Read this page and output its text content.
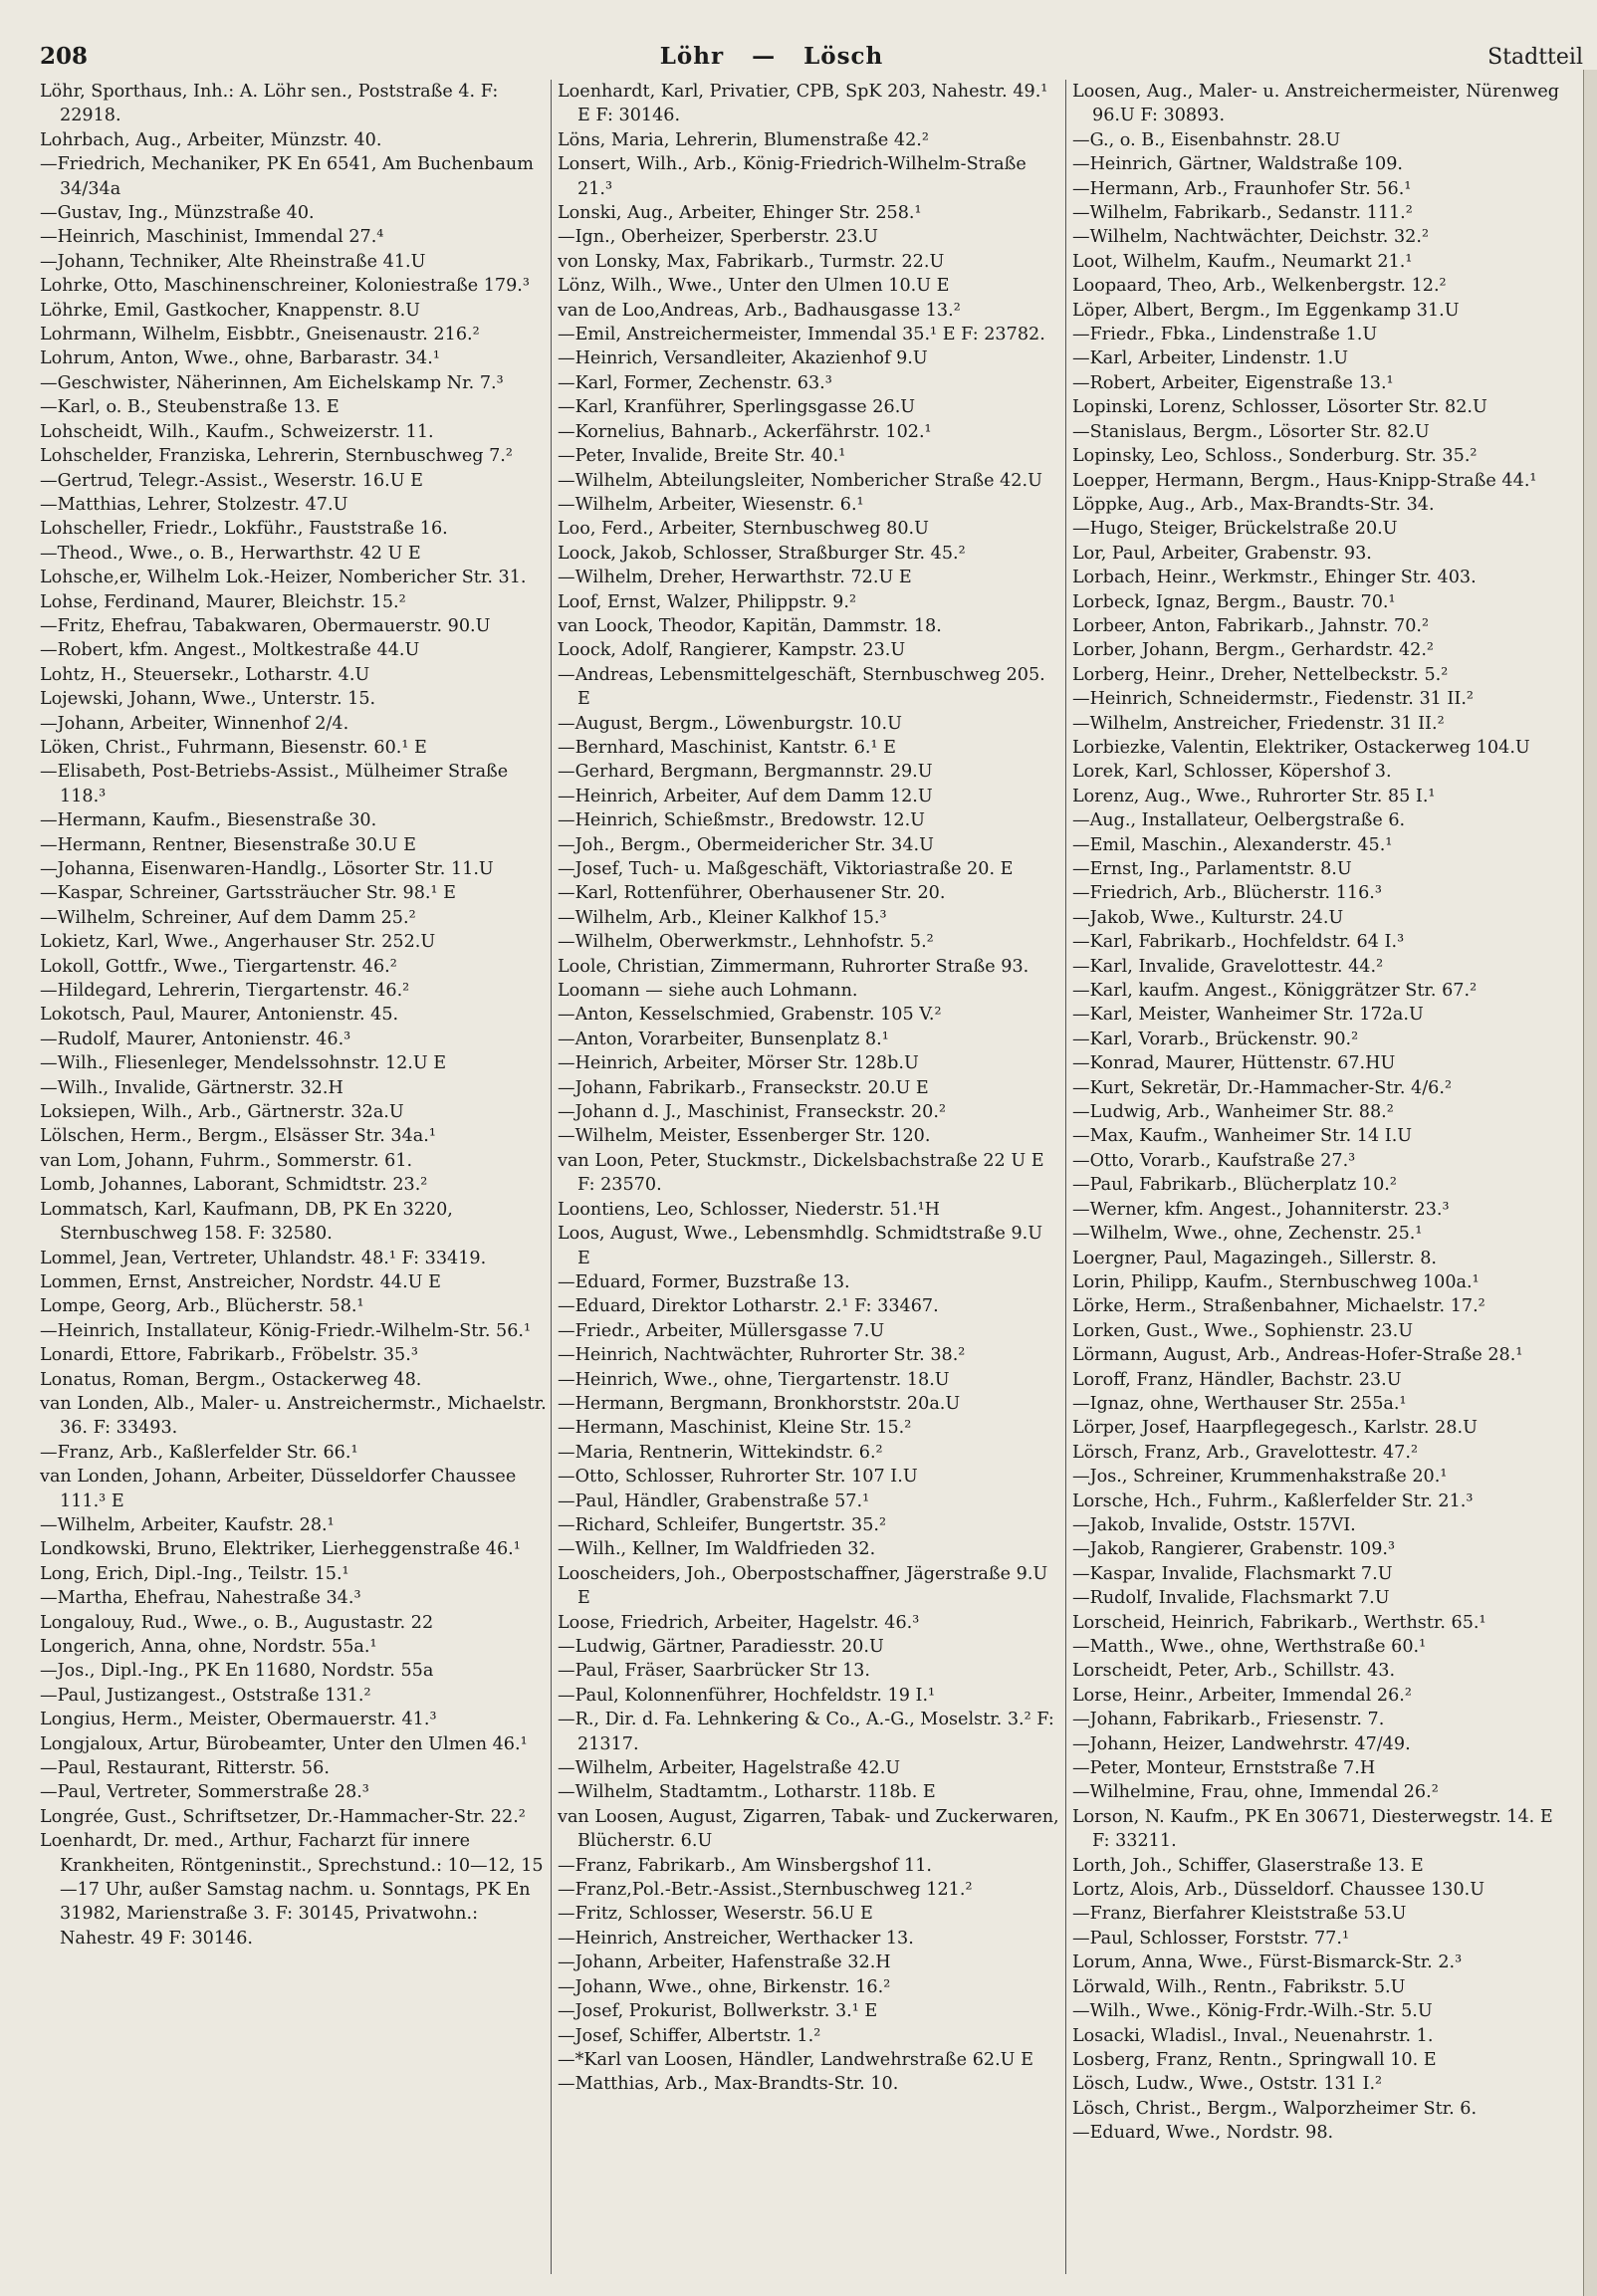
208	Löhr — Lösch	Stadtteil
Löhr, Sporthaus, Inh.: A. Löhr sen., Poststraße 4. F: 22918.
Lohrbach, Aug., Arbeiter, Münzstr. 40.
—Friedrich, Mechaniker, PK En 6541, Am Buchenbaum 34/34a
—Gustav, Ing., Münzstraße 40.
—Heinrich, Maschinist, Immendal 27.⁴
—Johann, Techniker, Alte Rheinstraße 41.U
Lohrke, Otto, Maschinenschreiner, Koloniestraße 179.³
Löhrke, Emil, Gastkocher, Knappenstr. 8.U
Lohrmann, Wilhelm, Eisbbtr., Gneisenaustr. 216.²
Lohrum, Anton, Wwe., ohne, Barbarastr. 34.¹
—Geschwister, Näherinnen, Am Eichelskamp Nr. 7.³
—Karl, o. B., Steubenstraße 13. E
Lohscheidt, Wilh., Kaufm., Schweizerstr. 11.
Lohschelder, Franziska, Lehrerin, Sternbuschweg 7.²
—Gertrud, Telegr.-Assist., Weserstr. 16.U E
—Matthias, Lehrer, Stolzestr. 47.U
Lohscheller, Friedr., Lokführ., Fauststraße 16.
—Theod., Wwe., o. B., Herwarthstr. 42 U E
Lohsche,er, Wilhelm Lok.-Heizer, Nombericher Str. 31.
Lohse, Ferdinand, Maurer, Bleichstr. 15.²
—Fritz, Ehefrau, Tabakwaren, Obermauerstr. 90.U
—Robert, kfm. Angest., Moltkestraße 44.U
Lohtz, H., Steuersekr., Lotharstr. 4.U
Lojewski, Johann, Wwe., Unterstr. 15.
—Johann, Arbeiter, Winnenhof 2/4.
Löken, Christ., Fuhrmann, Biesenstr. 60.¹ E
—Elisabeth, Post-Betriebs-Assist., Mülheimer Straße 118.³
—Hermann, Kaufm., Biesenstraße 30.
—Hermann, Rentner, Biesenstraße 30.U E
—Johanna, Eisenwaren-Handlg., Lösorter Str. 11.U
—Kaspar, Schreiner, Gartssträucher Str. 98.¹ E
—Wilhelm, Schreiner, Auf dem Damm 25.²
Lokietz, Karl, Wwe., Angerhauser Str. 252.U
Lokoll, Gottfr., Wwe., Tiergartenstr. 46.²
—Hildegard, Lehrerin, Tiergartenstr. 46.²
Lokotsch, Paul, Maurer, Antonienstr. 45.
—Rudolf, Maurer, Antonienstr. 46.³
—Wilh., Fliesenleger, Mendelssohnstr. 12.U E
—Wilh., Invalide, Gärtnerstr. 32.H
Loksiepen, Wilh., Arb., Gärtnerstr. 32a.U
Lölschen, Herm., Bergm., Elsässer Str. 34a.¹
van Lom, Johann, Fuhrm., Sommerstr. 61.
Lomb, Johannes, Laborant, Schmidtstr. 23.²
Lommatsch, Karl, Kaufmann, DB, PK En 3220, Sternbuschweg 158. F: 32580.
Lommel, Jean, Vertreter, Uhlandstr. 48.¹ F: 33419.
Lommen, Ernst, Anstreicher, Nordstr. 44.U E
Lompe, Georg, Arb., Blücherstr. 58.¹
—Heinrich, Installateur, König-Friedr.-Wilhelm-Str. 56.¹
Lonardi, Ettore, Fabrikarb., Fröbelstr. 35.³
Lonatus, Roman, Bergm., Ostackerweg 48.
van Londen, Alb., Maler- u. Anstreichermstr., Michaelstr. 36. F: 33493.
—Franz, Arb., Kaßlerfelder Str. 66.¹
van Londen, Johann, Arbeiter, Düsseldorfer Chaussee 111.³ E
—Wilhelm, Arbeiter, Kaufstr. 28.¹
Londkowski, Bruno, Elektriker, Lierheggenstraße 46.¹
Long, Erich, Dipl.-Ing., Teilstr. 15.¹
—Martha, Ehefrau, Nahestraße 34.³
Longalouy, Rud., Wwe., o. B., Augustastr. 22
Longerich, Anna, ohne, Nordstr. 55a.¹
—Jos., Dipl.-Ing., PK En 11680, Nordstr. 55a
—Paul, Justizangest., Oststraße 131.²
Longius, Herm., Meister, Obermauerstr. 41.³
Longjaloux, Artur, Bürobeamter, Unter den Ulmen 46.¹
—Paul, Restaurant, Ritterstr. 56.
—Paul, Vertreter, Sommerstraße 28.³
Longrée, Gust., Schriftsetzer, Dr.-Hammacher-Str. 22.²
Loenhardt, Dr. med., Arthur, Facharzt für innere Krankheiten, Röntgeninstit., Sprechstund.: 10—12, 15—17 Uhr, außer Samstag nachm. u. Sonntags, PK En 31982, Marienstraße 3. F: 30145, Privatwohn.: Nahestr. 49 F: 30146.
Loenhardt, Karl, Privatier, CPB, SpK 203, Nahestr. 49.¹ E F: 30146.
Löns, Maria, Lehrerin, Blumenstraße 42.²
Lonsert, Wilh., Arb., König-Friedrich-Wilhelm-Straße 21.³
Lonski, Aug., Arbeiter, Ehinger Str. 258.¹
—Ign., Oberheizer, Sperberstr. 23.U
von Lonsky, Max, Fabrikarb., Turmstr. 22.U
Lönz, Wilh., Wwe., Unter den Ulmen 10.U E
van de Loo,Andreas, Arb., Badhausgasse 13.²
—Emil, Anstreichermeister, Immendal 35.¹ E F: 23782.
—Heinrich, Versandleiter, Akazienhof 9.U
—Karl, Former, Zechenstr. 63.³
—Karl, Kranführer, Sperlingsgasse 26.U
—Kornelius, Bahnarb., Ackerfährstr. 102.¹
—Peter, Invalide, Breite Str. 40.¹
—Wilhelm, Abteilungsleiter, Nombericher Straße 42.U
—Wilhelm, Arbeiter, Wiesenstr. 6.¹
Loo, Ferd., Arbeiter, Sternbuschweg 80.U
Loock, Jakob, Schlosser, Straßburger Str. 45.²
—Wilhelm, Dreher, Herwarthstr. 72.U E
Loof, Ernst, Walzer, Philippstr. 9.²
van Loock, Theodor, Kapitän, Dammstr. 18.
Loock, Adolf, Rangierer, Kampstr. 23.U
—Andreas, Lebensmittelgeschäft, Sternbuschweg 205. E
—August, Bergm., Löwenburgstr. 10.U
—Bernhard, Maschinist, Kantstr. 6.¹ E
—Gerhard, Bergmann, Bergmannstr. 29.U
—Heinrich, Arbeiter, Auf dem Damm 12.U
—Heinrich, Schießmstr., Bredowstr. 12.U
—Joh., Bergm., Obermeidericher Str. 34.U
—Josef, Tuch- u. Maßgeschäft, Viktoriastraße 20. E
—Karl, Rottenführer, Oberhausener Str. 20.
—Wilhelm, Arb., Kleiner Kalkhof 15.³
—Wilhelm, Oberwerkmstr., Lehnhofstr. 5.²
Loole, Christian, Zimmermann, Ruhrorter Straße 93.
Loomann — siehe auch Lohmann.
—Anton, Kesselschmied, Grabenstr. 105 V.²
—Anton, Vorarbeiter, Bunsenplatz 8.¹
—Heinrich, Arbeiter, Mörser Str. 128b.U
—Johann, Fabrikarb., Franseckstr. 20.U E
—Johann d. J., Maschinist, Franseckstr. 20.²
—Wilhelm, Meister, Essenberger Str. 120.
van Loon, Peter, Stuckmstr., Dickelsbachstraße 22 U E F: 23570.
Loontiens, Leo, Schlosser, Niederstr. 51.¹H
Loos, August, Wwe., Lebensmhdlg. Schmidtstraße 9.U E
—Eduard, Former, Buzstraße 13.
—Eduard, Direktor Lotharstr. 2.¹ F: 33467.
—Friedr., Arbeiter, Müllersgasse 7.U
—Heinrich, Nachtwächter, Ruhrorter Str. 38.²
—Heinrich, Wwe., ohne, Tiergartenstr. 18.U
—Hermann, Bergmann, Bronkhorststr. 20a.U
—Hermann, Maschinist, Kleine Str. 15.²
—Maria, Rentnerin, Wittekindstr. 6.²
—Otto, Schlosser, Ruhrorter Str. 107 I.U
—Paul, Händler, Grabenstraße 57.¹
—Richard, Schleifer, Bungertstr. 35.²
—Wilh., Kellner, Im Waldfrieden 32.
Looscheiders, Joh., Oberpostschaffner, Jägerstraße 9.U E
Loose, Friedrich, Arbeiter, Hagelstr. 46.³
—Ludwig, Gärtner, Paradiesstr. 20.U
—Paul, Fräser, Saarbrücker Str 13.
—Paul, Kolonnenführer, Hochfeldstr. 19 I.¹
—R., Dir. d. Fa. Lehnkering & Co., A.-G., Moselstr. 3.² F: 21317.
—Wilhelm, Arbeiter, Hagelstraße 42.U
—Wilhelm, Stadtamtm., Lotharstr. 118b. E
van Loosen, August, Zigarren, Tabak- und Zuckerwaren, Blücherstr. 6.U
—Franz, Fabrikarb., Am Winsbergshof 11.
—Franz,Pol.-Betr.-Assist.,Sternbuschweg 121.²
—Fritz, Schlosser, Weserstr. 56.U E
—Heinrich, Anstreicher, Werthacker 13.
—Johann, Arbeiter, Hafenstraße 32.H
—Johann, Wwe., ohne, Birkenstr. 16.²
—Josef, Prokurist, Bollwerkstr. 3.¹ E
—Josef, Schiffer, Albertstr. 1.²
—*Karl van Loosen, Händler, Landwehrstraße 62.U E
—Matthias, Arb., Max-Brandts-Str. 10.
Loosen, Aug., Maler- u. Anstreichermeister, Nürenweg 96.U F: 30893.
—G., o. B., Eisenbahnstr. 28.U
—Heinrich, Gärtner, Waldstraße 109.
—Hermann, Arb., Fraunhofer Str. 56.¹
—Wilhelm, Fabrikarb., Sedanstr. 111.²
—Wilhelm, Nachtwächter, Deichstr. 32.²
Loot, Wilhelm, Kaufm., Neumarkt 21.¹
Loopaard, Theo, Arb., Welkenbergstr. 12.²
Löper, Albert, Bergm., Im Eggenkamp 31.U
—Friedr., Fbka., Lindenstraße 1.U
—Karl, Arbeiter, Lindenstr. 1.U
—Robert, Arbeiter, Eigenstraße 13.¹
Lopinski, Lorenz, Schlosser, Lösorter Str. 82.U
—Stanislaus, Bergm., Lösorter Str. 82.U
Lopinsky, Leo, Schloss., Sonderburg. Str. 35.²
Loepper, Hermann, Bergm., Haus-Knipp-Straße 44.¹
Löppke, Aug., Arb., Max-Brandts-Str. 34.
—Hugo, Steiger, Brückelstraße 20.U
Lor, Paul, Arbeiter, Grabenstr. 93.
Lorbach, Heinr., Werkmstr., Ehinger Str. 403.
Lorbeck, Ignaz, Bergm., Baustr. 70.¹
Lorbeer, Anton, Fabrikarb., Jahnstr. 70.²
Lorber, Johann, Bergm., Gerhardstr. 42.²
Lorberg, Heinr., Dreher, Nettelbeckstr. 5.²
—Heinrich, Schneidermstr., Fiedenstr. 31 II.²
—Wilhelm, Anstreicher, Friedenstr. 31 II.²
Lorbiezke, Valentin, Elektriker, Ostackerweg 104.U
Lorek, Karl, Schlosser, Köpershof 3.
Lorenz, Aug., Wwe., Ruhrorter Str. 85 I.¹
—Aug., Installateur, Oelbergstraße 6.
—Emil, Maschin., Alexanderstr. 45.¹
—Ernst, Ing., Parlamentstr. 8.U
—Friedrich, Arb., Blücherstr. 116.³
—Jakob, Wwe., Kulturstr. 24.U
—Karl, Fabrikarb., Hochfeldstr. 64 I.³
—Karl, Invalide, Gravelottestr. 44.²
—Karl, kaufm. Angest., Königgrätzer Str. 67.²
—Karl, Meister, Wanheimer Str. 172a.U
—Karl, Vorarb., Brückenstr. 90.²
—Konrad, Maurer, Hüttenstr. 67.HU
—Kurt, Sekretär, Dr.-Hammacher-Str. 4/6.²
—Ludwig, Arb., Wanheimer Str. 88.²
—Max, Kaufm., Wanheimer Str. 14 I.U
—Otto, Vorarb., Kaufstraße 27.³
—Paul, Fabrikarb., Blücherplatz 10.²
—Werner, kfm. Angest., Johanniterstr. 23.³
—Wilhelm, Wwe., ohne, Zechenstr. 25.¹
Loergner, Paul, Magazingeh., Sillerstr. 8.
Lorin, Philipp, Kaufm., Sternbuschweg 100a.¹
Lörke, Herm., Straßenbahner, Michaelstr. 17.²
Lorken, Gust., Wwe., Sophienstr. 23.U
Lörmann, August, Arb., Andreas-Hofer-Straße 28.¹
Loroff, Franz, Händler, Bachstr. 23.U
—Ignaz, ohne, Werthauser Str. 255a.¹
Lörper, Josef, Haarpflegegesch., Karlstr. 28.U
Lörsch, Franz, Arb., Gravelottestr. 47.²
—Jos., Schreiner, Krummenhakstraße 20.¹
Lorsche, Hch., Fuhrm., Kaßlerfelder Str. 21.³
—Jakob, Invalide, Oststr. 157VI.
—Jakob, Rangierer, Grabenstr. 109.³
—Kaspar, Invalide, Flachsmarkt 7.U
—Rudolf, Invalide, Flachsmarkt 7.U
Lorscheid, Heinrich, Fabrikarb., Werthstr. 65.¹
—Matth., Wwe., ohne, Werthstraße 60.¹
Lorscheidt, Peter, Arb., Schillstr. 43.
Lorse, Heinr., Arbeiter, Immendal 26.²
—Johann, Fabrikarb., Friesenstr. 7.
—Johann, Heizer, Landwehrstr. 47/49.
—Peter, Monteur, Ernststraße 7.H
—Wilhelmine, Frau, ohne, Immendal 26.²
Lorson, N. Kaufm., PK En 30671, Diesterwegstr. 14. E F: 33211.
Lorth, Joh., Schiffer, Glaserstraße 13. E
Lortz, Alois, Arb., Düsseldorf. Chaussee 130.U
—Franz, Bierfahrer Kleiststraße 53.U
—Paul, Schlosser, Forststr. 77.¹
Lorum, Anna, Wwe., Fürst-Bismarck-Str. 2.³
Lörwald, Wilh., Rentn., Fabrikstr. 5.U
—Wilh., Wwe., König-Frdr.-Wilh.-Str. 5.U
Losacki, Wladisl., Inval., Neuenahrstr. 1.
Losberg, Franz, Rentn., Springwall 10. E
Lösch, Ludw., Wwe., Oststr. 131 I.²
Lösch, Christ., Bergm., Walporzheimer Str. 6.
—Eduard, Wwe., Nordstr. 98.
